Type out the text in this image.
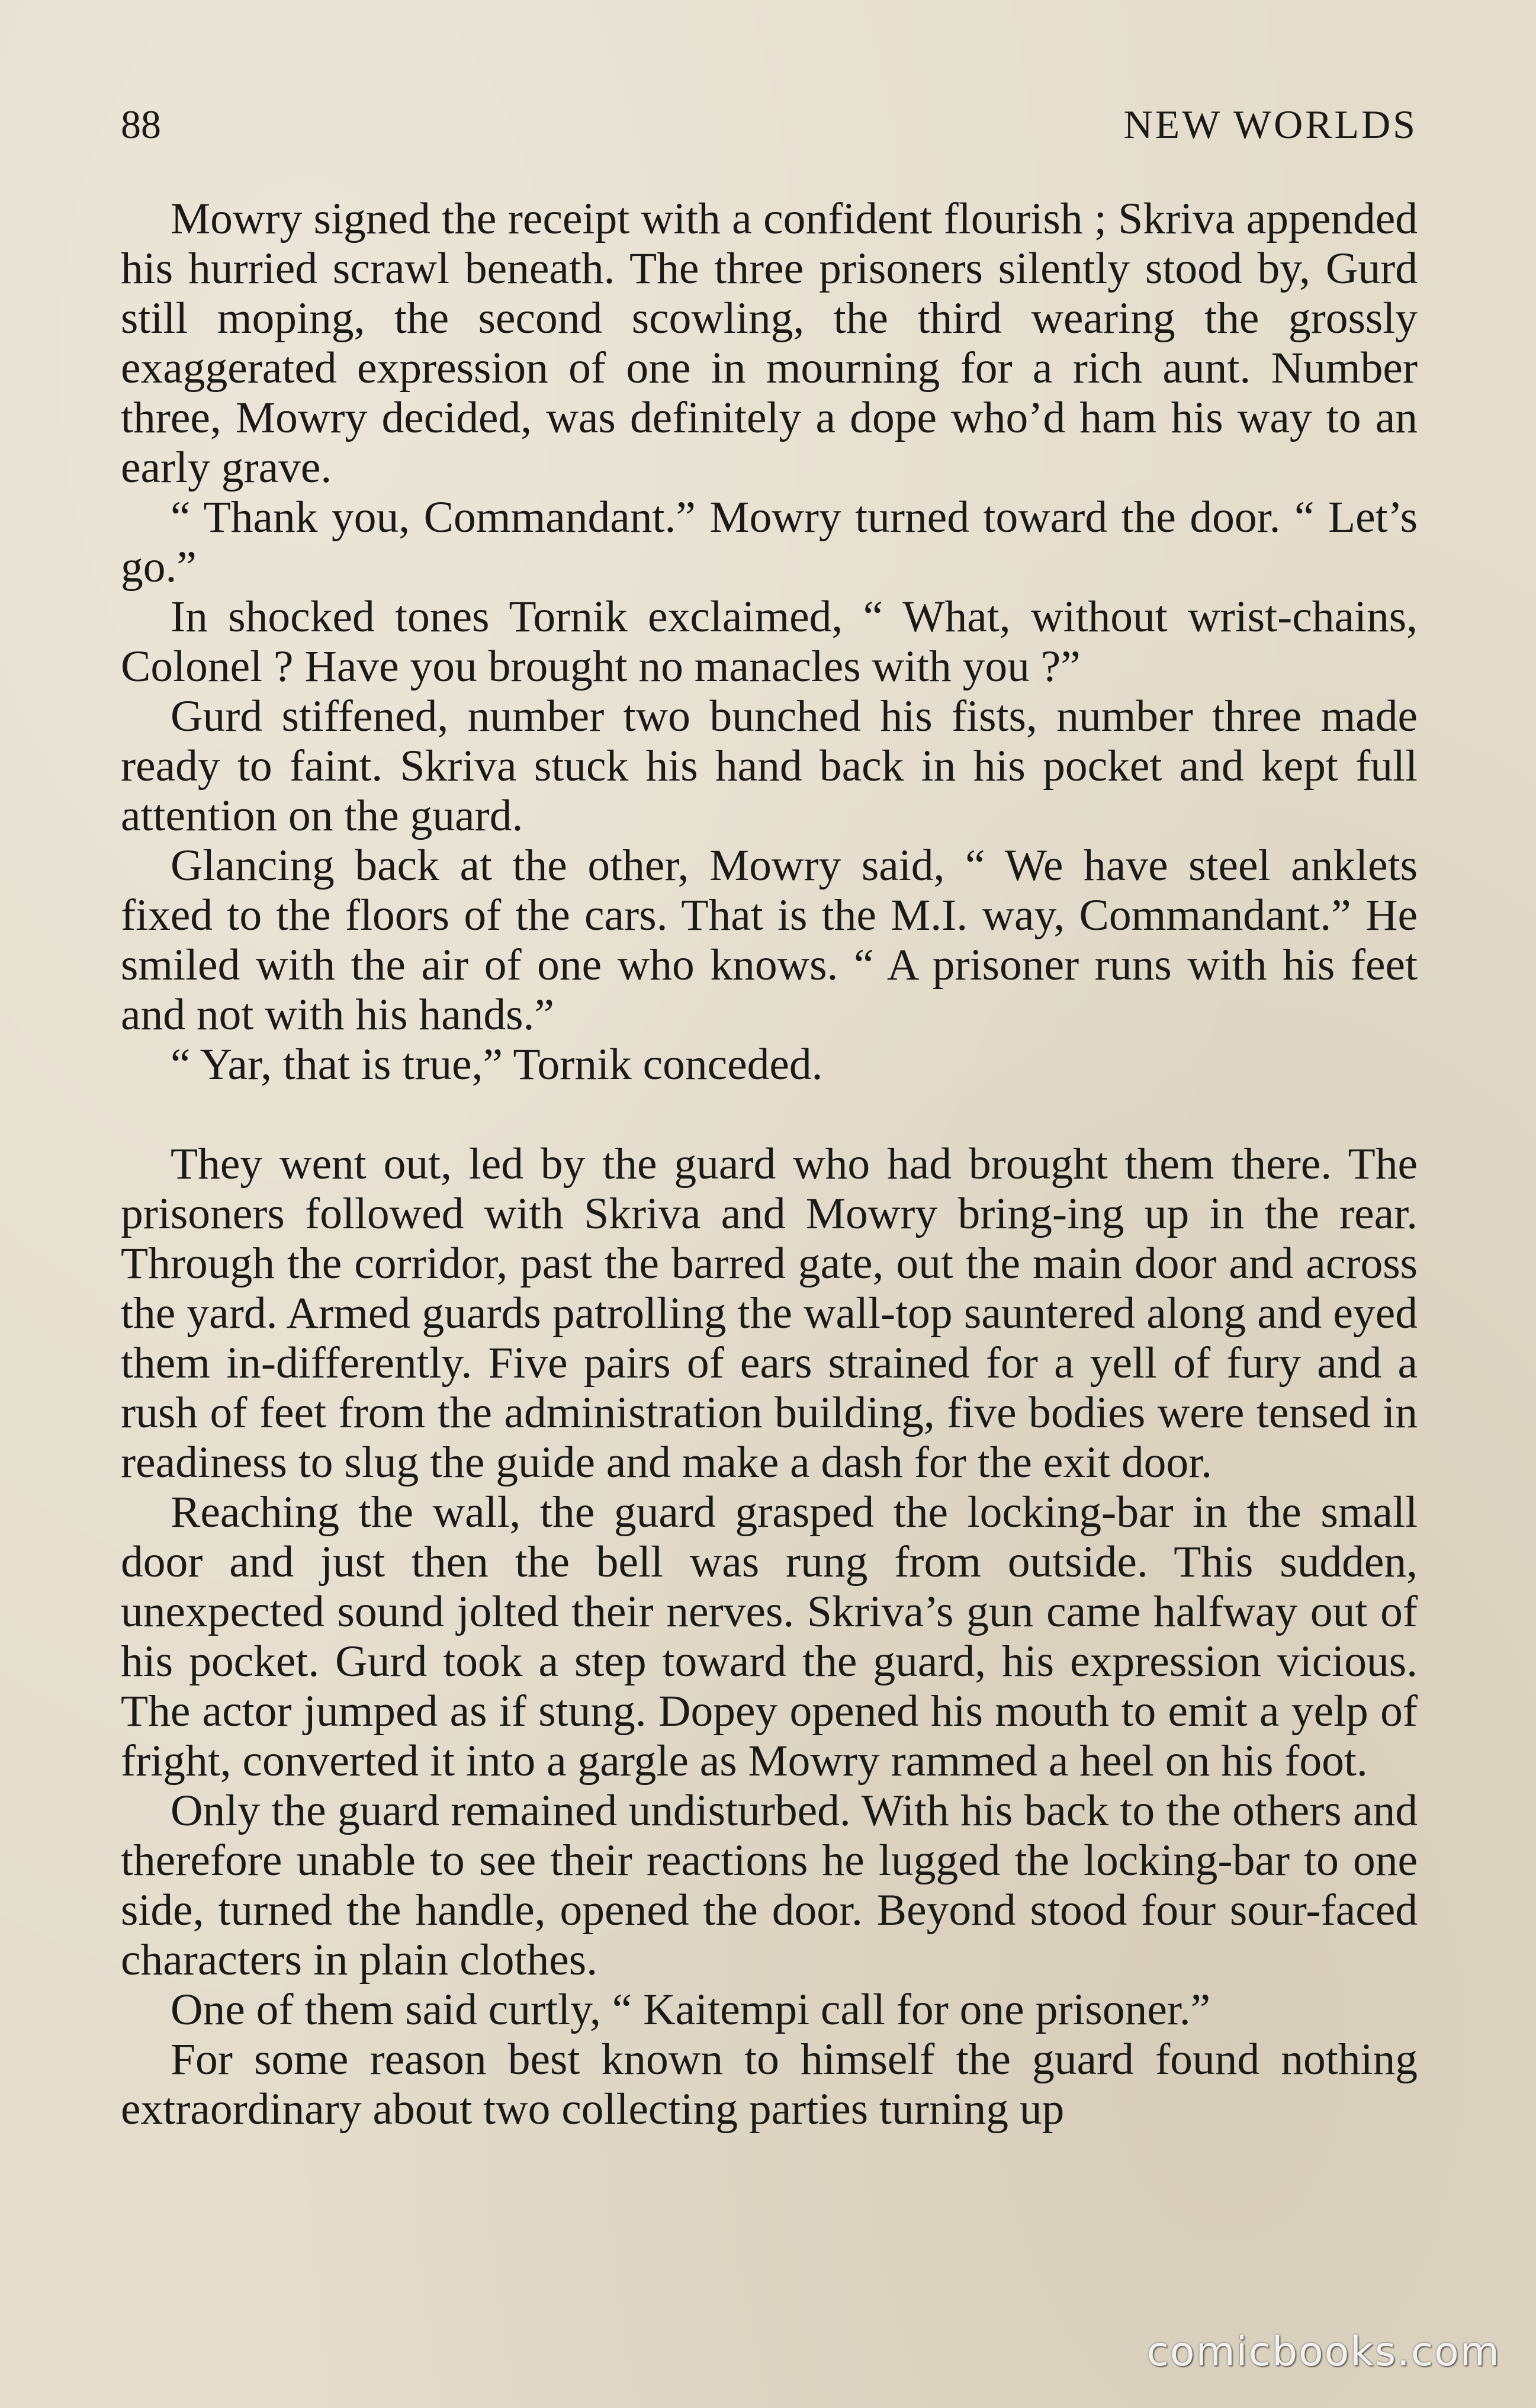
88	NEW WORLDS

Mowry signed the receipt with a confident flourish ; Skriva appended his hurried scrawl beneath. The three prisoners silently stood by, Gurd still moping, the second scowling, the third wearing the grossly exaggerated expression of one in mourning for a rich aunt. Number three, Mowry decided, was definitely a dope who’d ham his way to an early grave.

“ Thank you, Commandant.” Mowry turned toward the door. “ Let’s go.”

In shocked tones Tornik exclaimed, “ What, without wrist-chains, Colonel ? Have you brought no manacles with you ?”

Gurd stiffened, number two bunched his fists, number three made ready to faint. Skriva stuck his hand back in his pocket and kept full attention on the guard.

Glancing back at the other, Mowry said, “ We have steel anklets fixed to the floors of the cars. That is the M.I. way, Commandant.” He smiled with the air of one who knows. “ A prisoner runs with his feet and not with his hands.”

“ Yar, that is true,” Tornik conceded.

They went out, led by the guard who had brought them there. The prisoners followed with Skriva and Mowry bring-ing up in the rear. Through the corridor, past the barred gate, out the main door and across the yard. Armed guards patrolling the wall-top sauntered along and eyed them in-differently. Five pairs of ears strained for a yell of fury and a rush of feet from the administration building, five bodies were tensed in readiness to slug the guide and make a dash for the exit door.

Reaching the wall, the guard grasped the locking-bar in the small door and just then the bell was rung from outside. This sudden, unexpected sound jolted their nerves. Skriva’s gun came halfway out of his pocket. Gurd took a step toward the guard, his expression vicious. The actor jumped as if stung. Dopey opened his mouth to emit a yelp of fright, converted it into a gargle as Mowry rammed a heel on his foot.

Only the guard remained undisturbed. With his back to the others and therefore unable to see their reactions he lugged the locking-bar to one side, turned the handle, opened the door. Beyond stood four sour-faced characters in plain clothes.

One of them said curtly, “ Kaitempi call for one prisoner.”

For some reason best known to himself the guard found nothing extraordinary about two collecting parties turning up

comicbooks.com
